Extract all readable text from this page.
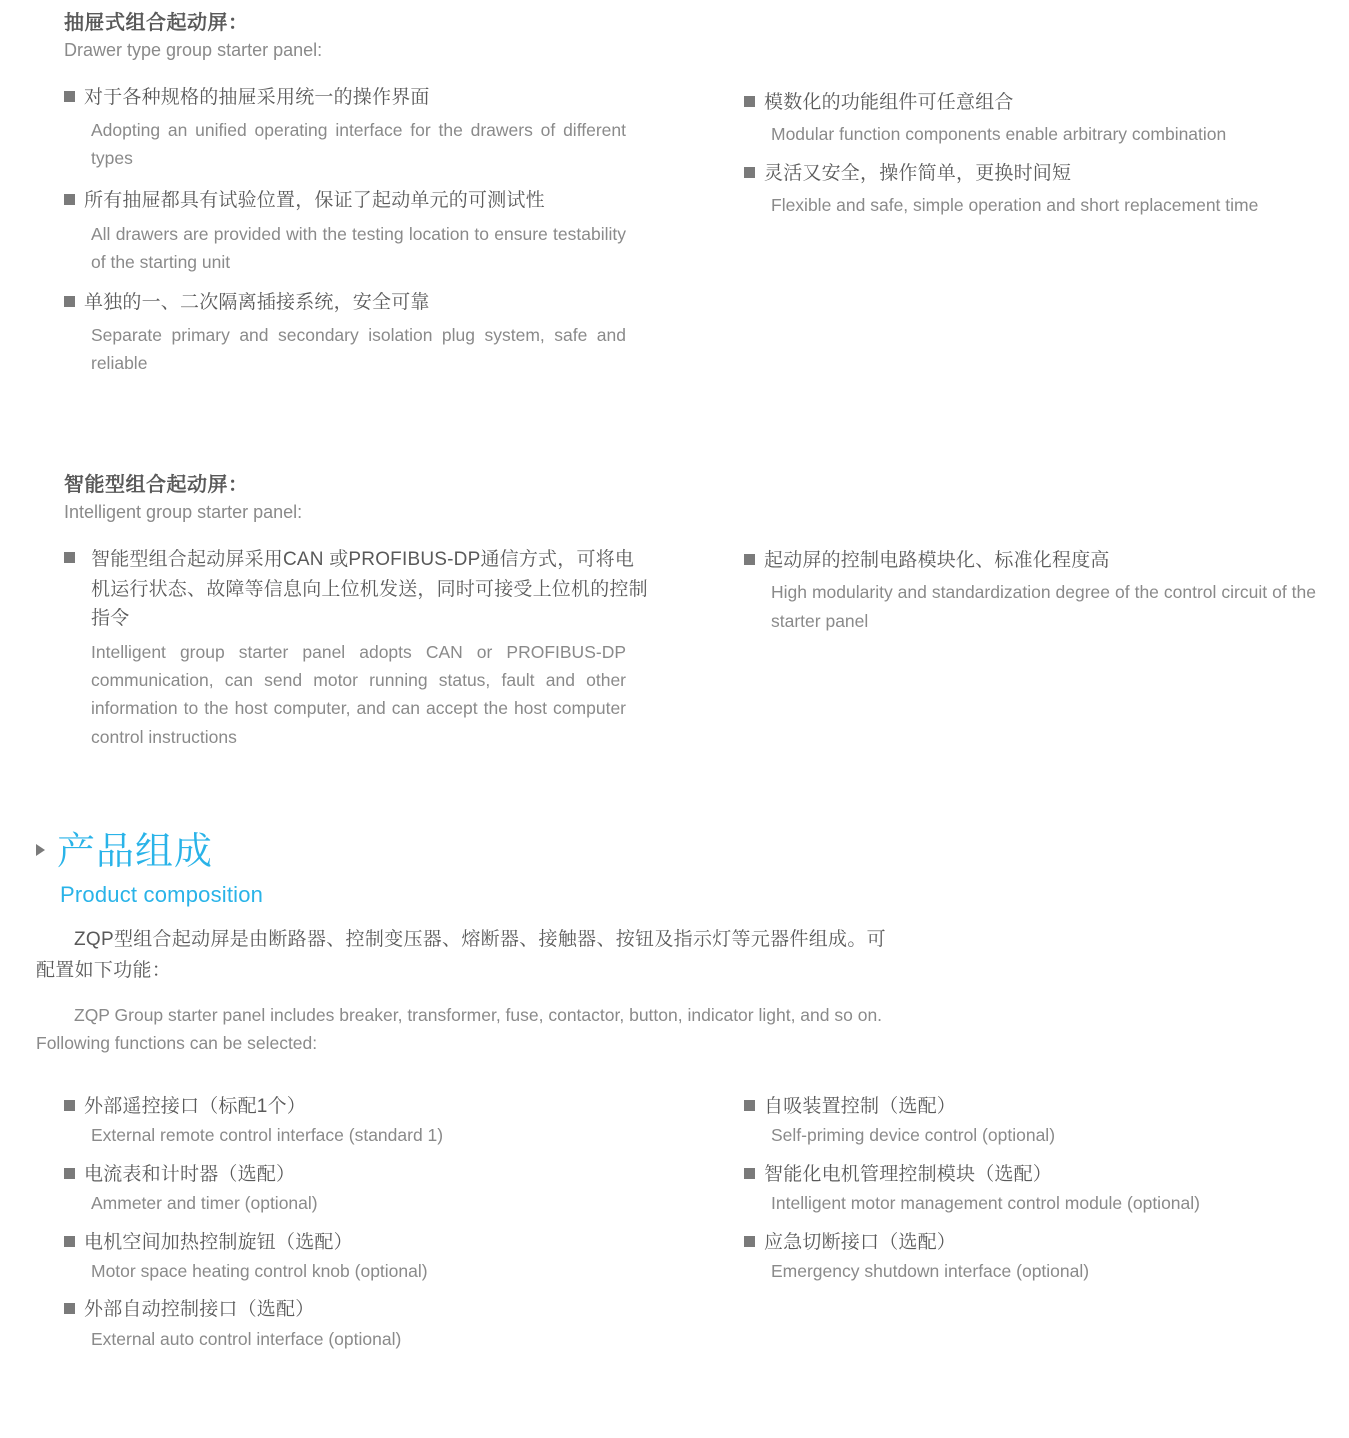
抽屉式组合起动屏：
Drawer type group starter panel:
对于各种规格的抽屉采用统一的操作界面
Adopting an unified operating interface for the drawers of different types
所有抽屉都具有试验位置，保证了起动单元的可测试性
All drawers are provided with the testing location to ensure testability of the starting unit
单独的一、二次隔离插接系统，安全可靠
Separate primary and secondary isolation plug system, safe and reliable
模数化的功能组件可任意组合
Modular function components enable arbitrary combination
灵活又安全，操作简单，更换时间短
Flexible and safe, simple operation and short replacement time
智能型组合起动屏：
Intelligent group starter panel:
智能型组合起动屏采用CAN 或PROFIBUS-DP通信方式，可将电机运行状态、故障等信息向上位机发送，同时可接受上位机的控制指令
Intelligent group starter panel adopts CAN or PROFIBUS-DP communication, can send motor running status, fault and other information to the host computer, and can accept the host computer control instructions
起动屏的控制电路模块化、标准化程度高
High modularity and standardization degree of the control circuit of the starter panel
产品组成
Product composition
ZQP型组合起动屏是由断路器、控制变压器、熔断器、接触器、按钮及指示灯等元器件组成。可配置如下功能：
ZQP Group starter panel includes breaker, transformer, fuse, contactor, button, indicator light, and so on. Following functions can be selected:
外部遥控接口（标配1个）
External remote control interface (standard 1)
电流表和计时器（选配）
Ammeter and timer (optional)
电机空间加热控制旋钮（选配）
Motor space heating control knob (optional)
外部自动控制接口（选配）
External auto control interface (optional)
自吸装置控制（选配）
Self-priming device control (optional)
智能化电机管理控制模块（选配）
Intelligent motor management control module (optional)
应急切断接口（选配）
Emergency shutdown interface (optional)
